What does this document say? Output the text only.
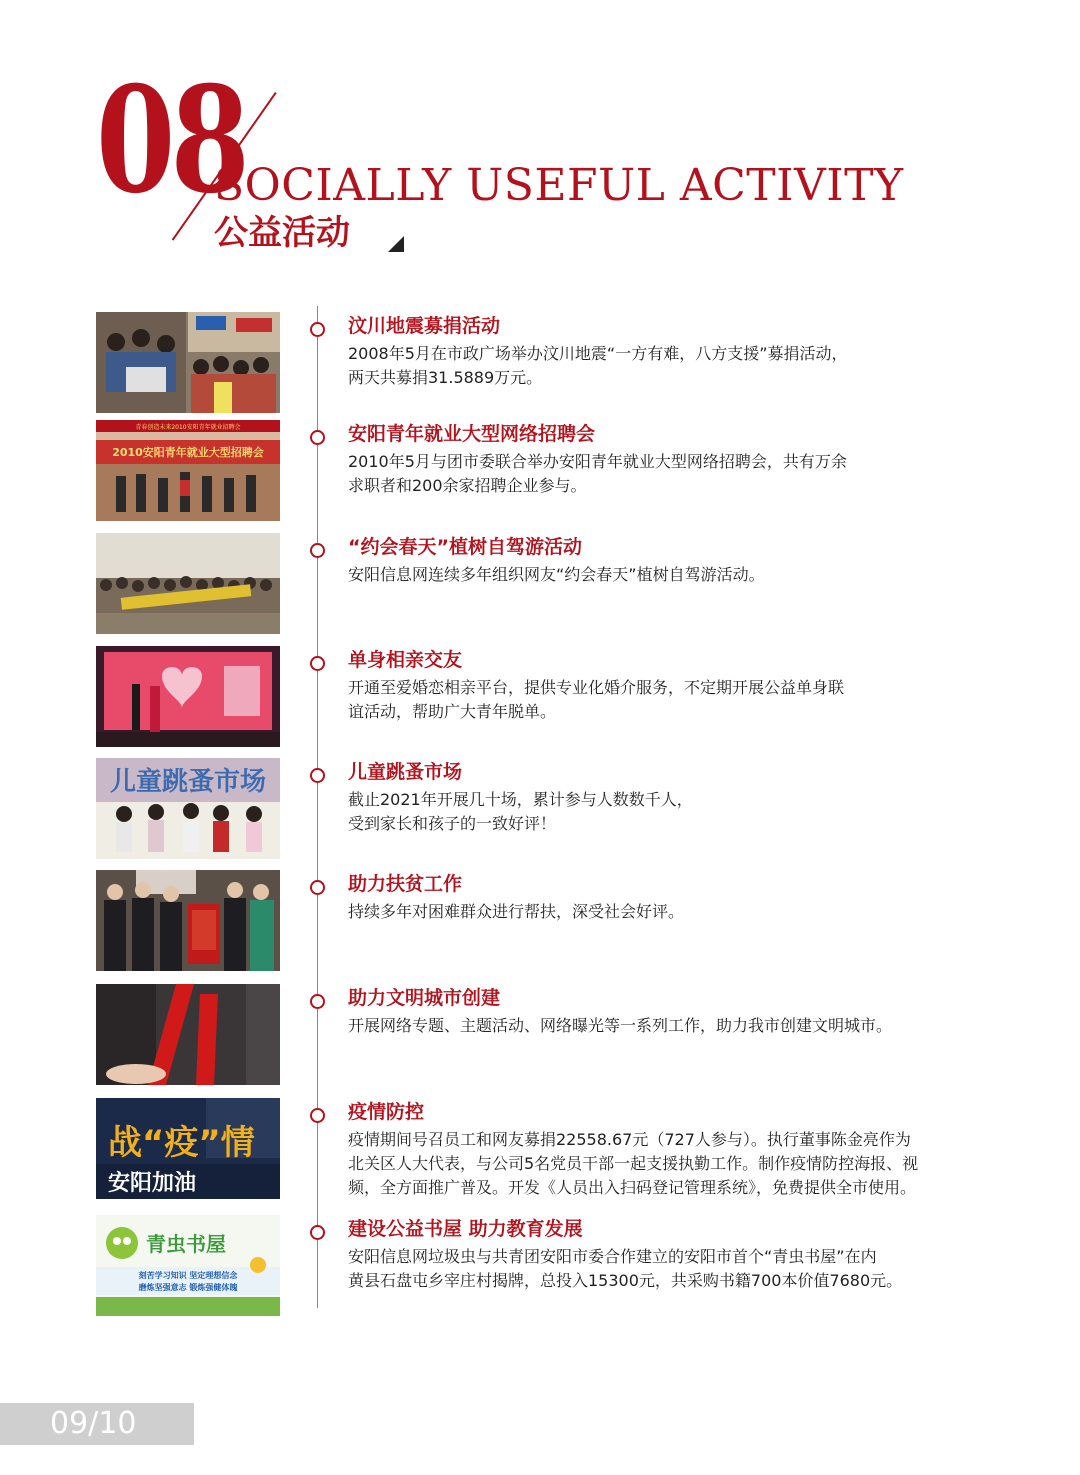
08
SOCIALLY USEFUL ACTIVITY
公益活动
汶川地震募捐活动
2008年5月在市政广场举办汶川地震“一方有难，八方支援”募捐活动，
两天共募捐31.5889万元。
青春创造未来2010安阳青年就业招聘会
2010安阳青年就业大型招聘会
安阳青年就业大型网络招聘会
2010年5月与团市委联合举办安阳青年就业大型网络招聘会，共有万余
求职者和200余家招聘企业参与。
“约会春天”植树自驾游活动
安阳信息网连续多年组织网友“约会春天”植树自驾游活动。
单身相亲交友
开通至爱婚恋相亲平台，提供专业化婚介服务，不定期开展公益单身联
谊活动，帮助广大青年脱单。
儿童跳蚤市场	儿童跳蚤市场
截止2021年开展几十场，累计参与人数数千人，
受到家长和孩子的一致好评！
助力扶贫工作
持续多年对困难群众进行帮扶，深受社会好评。
助力文明城市创建
开展网络专题、主题活动、网络曝光等一系列工作，助力我市创建文明城市。
战“疫”情
安阳加油
疫情防控
疫情期间号召员工和网友募捐22558.67元（727人参与）。执行董事陈金亮作为
北关区人大代表，与公司5名党员干部一起支援执勤工作。制作疫情防控海报、视
频，全方面推广普及。开发《人员出入扫码登记管理系统》，免费提供全市使用。
青虫书屋
刻苦学习知识 坚定理想信念
磨炼坚强意志 锻炼强健体魄
建设公益书屋 助力教育发展
安阳信息网垃圾虫与共青团安阳市委合作建立的安阳市首个“青虫书屋”在内
黄县石盘屯乡宰庄村揭牌，总投入15300元，共采购书籍700本价值7680元。
09/10
